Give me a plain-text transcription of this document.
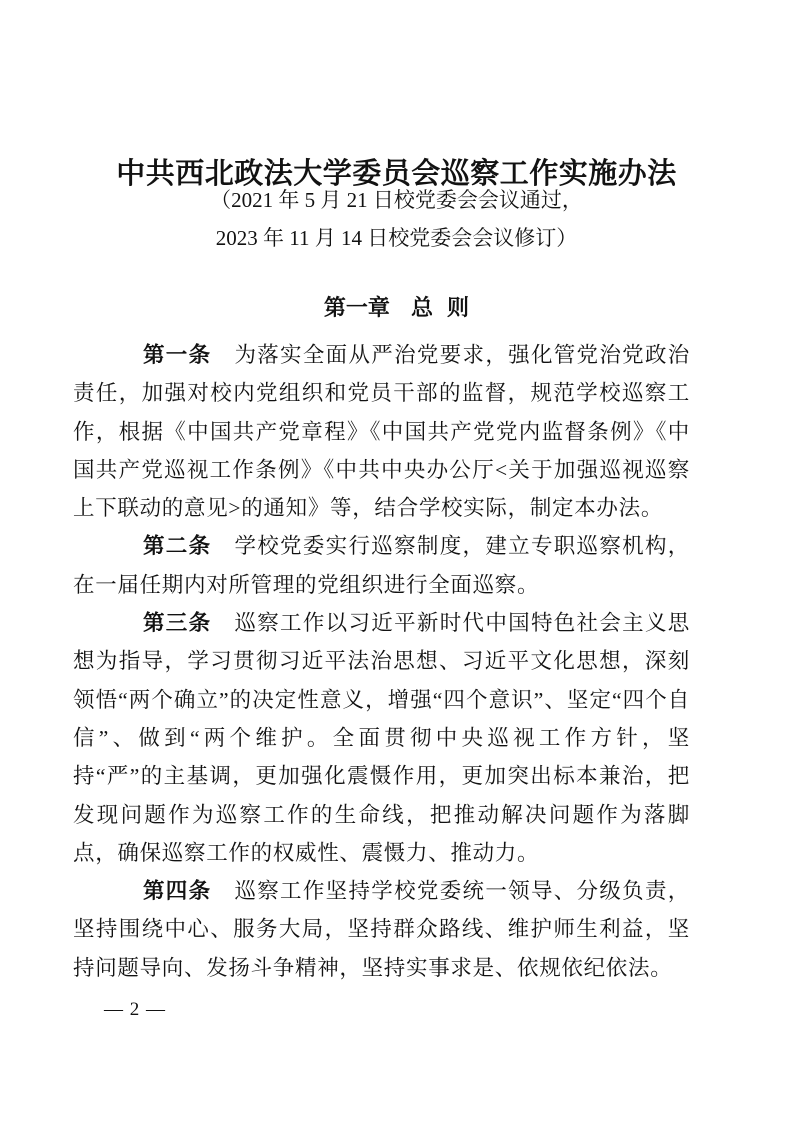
中共西北政法大学委员会巡察工作实施办法
（2021 年 5 月 21 日校党委会会议通过，
2023 年 11 月 14 日校党委会会议修订）
第一章 总 则

第一条 为落实全面从严治党要求，强化管党治党政治责任，加强对校内党组织和党员干部的监督，规范学校巡察工作，根据《中国共产党章程》《中国共产党党内监督条例》《中国共产党巡视工作条例》《中共中央办公厅<关于加强巡视巡察上下联动的意见>的通知》等，结合学校实际，制定本办法。

第二条 学校党委实行巡察制度，建立专职巡察机构，在一届任期内对所管理的党组织进行全面巡察。

第三条 巡察工作以习近平新时代中国特色社会主义思想为指导，学习贯彻习近平法治思想、习近平文化思想，深刻领悟“两个确立”的决定性意义，增强“四个意识”、坚定“四个自信”、做到“两个维护。全面贯彻中央巡视工作方针，坚持“严”的主基调，更加强化震慑作用，更加突出标本兼治，把发现问题作为巡察工作的生命线，把推动解决问题作为落脚点，确保巡察工作的权威性、震慑力、推动力。

第四条 巡察工作坚持学校党委统一领导、分级负责，坚持围绕中心、服务大局，坚持群众路线、维护师生利益，坚持问题导向、发扬斗争精神，坚持实事求是、依规依纪依法。

— 2 —
